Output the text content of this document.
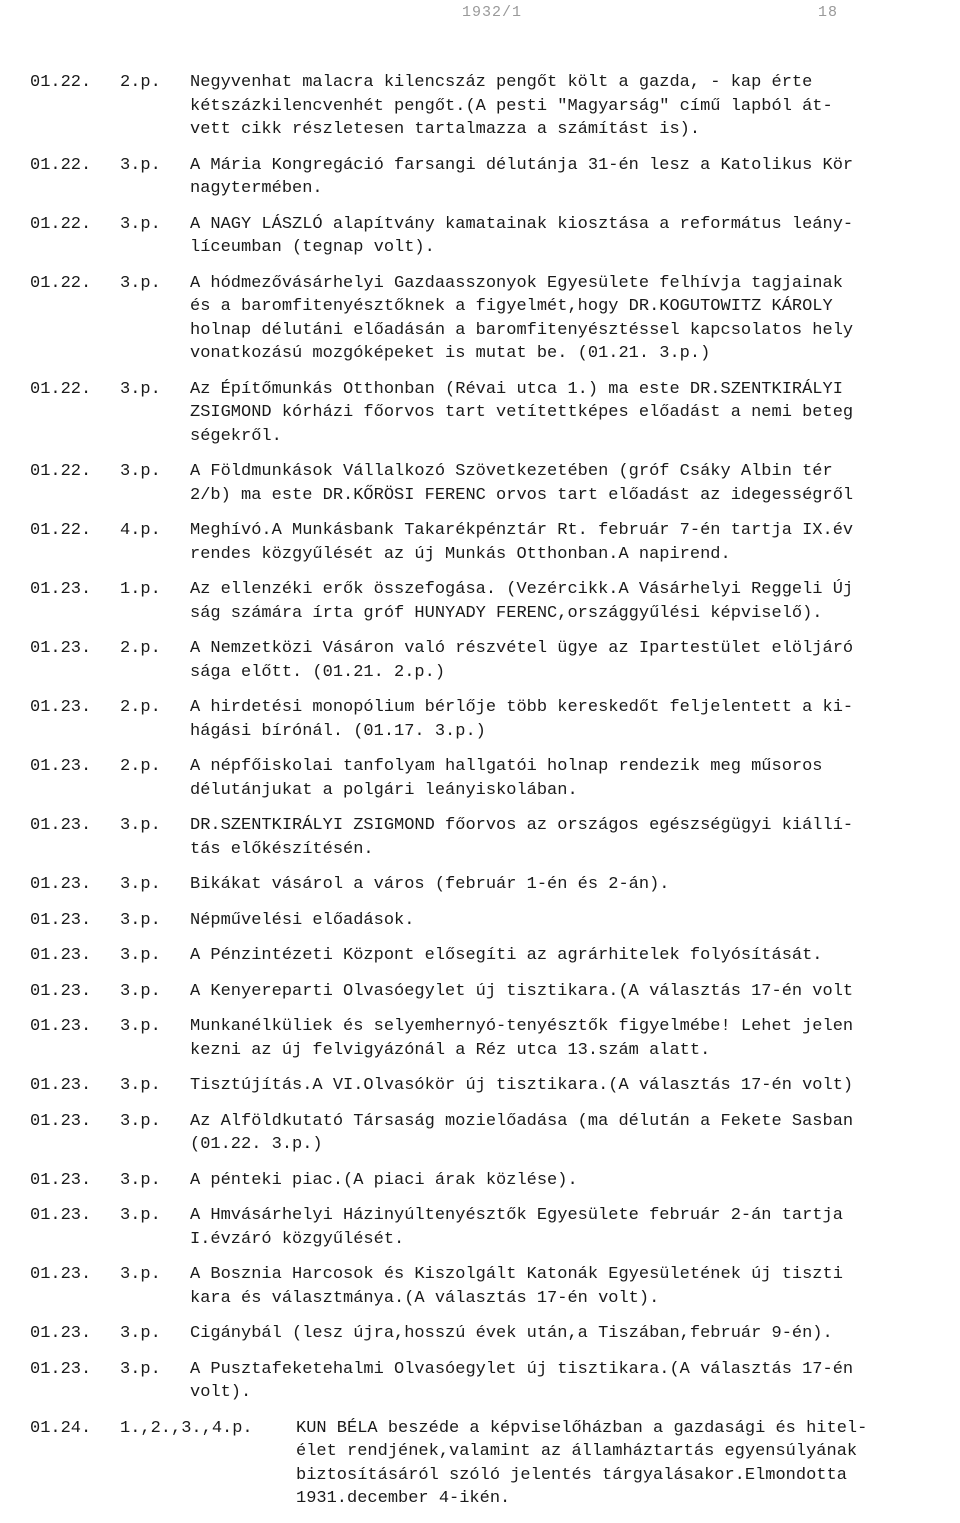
1932/1	18
01.22. 2.p. Negyvenhat malacra kilencszáz pengőt költ a gazda, - kap érte
kétszázkilencvenhét pengőt.(A pesti "Magyarság" című lapból át-
vett cikk részletesen tartalmazza a számítást is).
01.22. 3.p. A Mária Kongregáció farsangi délutánja 31-én lesz a Katolikus Kör
nagytermében.
01.22. 3.p. A NAGY LÁSZLÓ alapítvány kamatainak kiosztása a református leány-
líceumban (tegnap volt).
01.22. 3.p. A hódmezővásárhelyi Gazdaasszonyok Egyesülete felhívja tagjainak
és a baromfitenyésztőknek a figyelmét,hogy DR.KOGUTOWITZ KÁROLY
holnap délutáni előadásán a baromfitenyésztéssel kapcsolatos hely
vonatkozású mozgóképeket is mutat be. (01.21. 3.p.)
01.22. 3.p. Az Építőmunkás Otthonban (Révai utca 1.) ma este DR.SZENTKIRÁLYI
ZSIGMOND kórházi főorvos tart vetítettképes előadást a nemi beteg
ségekről.
01.22. 3.p. A Földmunkások Vállalkozó Szövetkezetében (gróf Csáky Albin tér
2/b) ma este DR.KŐRÖSI FERENC orvos tart előadást az idegességről
01.22. 4.p. Meghívó.A Munkásbank Takarékpénztár Rt. február 7-én tartja IX.év
rendes közgyűlését az új Munkás Otthonban.A napirend.
01.23. 1.p. Az ellenzéki erők összefogása. (Vezércikk.A Vásárhelyi Reggeli Új
ság számára írta gróf HUNYADY FERENC,országgyűlési képviselő).
01.23. 2.p. A Nemzetközi Vásáron való részvétel ügye az Ipartestület elöljáró
sága előtt. (01.21. 2.p.)
01.23. 2.p. A hirdetési monopólium bérlője több kereskedőt feljelentett a ki-
hágási bírónál. (01.17. 3.p.)
01.23. 2.p. A népfőiskolai tanfolyam hallgatói holnap rendezik meg műsoros
délutánjukat a polgári leányiskolában.
01.23. 3.p. DR.SZENTKIRÁLYI ZSIGMOND főorvos az országos egészségügyi kiállí-
tás előkészítésén.
01.23. 3.p. Bikákat vásárol a város (február 1-én és 2-án).
01.23. 3.p. Népművelési előadások.
01.23. 3.p. A Pénzintézeti Központ elősegíti az agrárhitelek folyósítását.
01.23. 3.p. A Kenyereparti Olvasóegylet új tisztikara.(A választás 17-én volt
01.23. 3.p. Munkanélküliek és selyemhernyó-tenyésztők figyelmébe! Lehet jelen
kezni az új felvigyázónál a Réz utca 13.szám alatt.
01.23. 3.p. Tisztújítás.A VI.Olvasókör új tisztikara.(A választás 17-én volt)
01.23. 3.p. Az Alföldkutató Társaság mozielőadása (ma délután a Fekete Sasban
(01.22. 3.p.)
01.23. 3.p. A pénteki piac.(A piaci árak közlése).
01.23. 3.p. A Hmvásárhelyi Házinyúltenyésztők Egyesülete február 2-án tartja
I.évzáró közgyűlését.
01.23. 3.p. A Bosznia Harcosok és Kiszolgált Katonák Egyesületének új tiszti
kara és választmánya.(A választás 17-én volt).
01.23. 3.p. Cigánybál (lesz újra,hosszú évek után,a Tiszában,február 9-én).
01.23. 3.p. A Pusztafeketehalmi Olvasóegylet új tisztikara.(A választás 17-én
volt).
01.24. 1.,2.,3.,4.p.	KUN BÉLA beszéde a képviselőházban a gazdasági és hitel-
élet rendjének,valamint az államháztartás egyensúlyának
biztosításáról szóló jelentés tárgyalásakor.Elmondotta
1931.december 4-ikén.
